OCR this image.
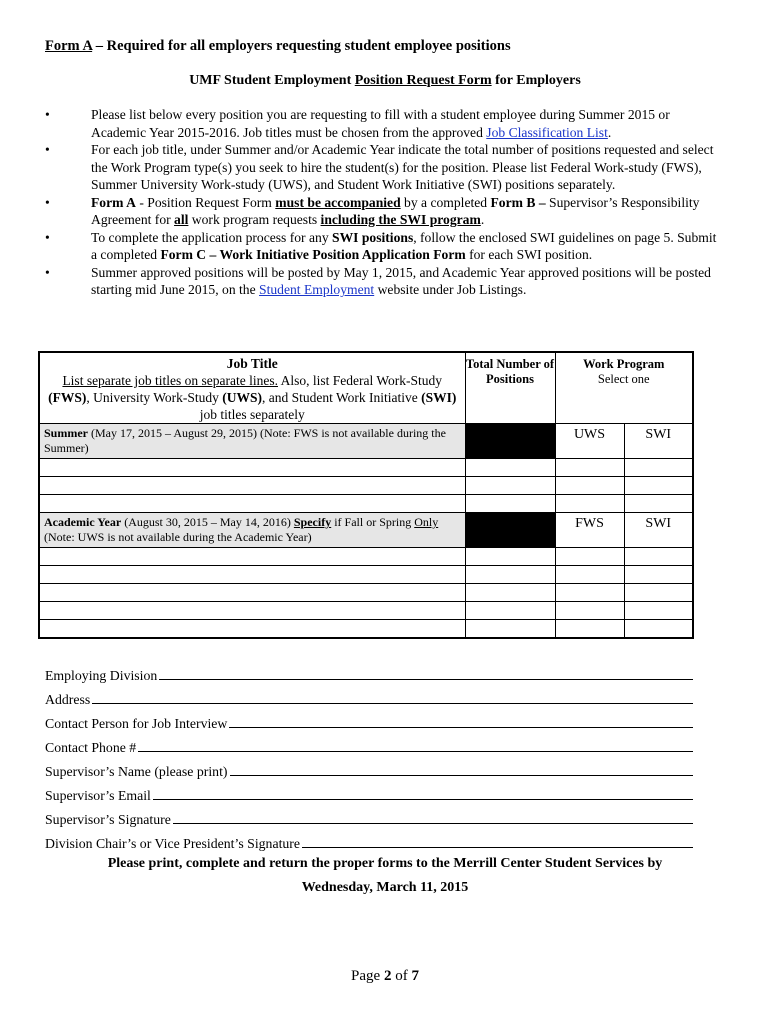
Form A – Required for all employers requesting student employee positions
UMF Student Employment Position Request Form for Employers
• Please list below every position you are requesting to fill with a student employee during Summer 2015 or Academic Year 2015-2016. Job titles must be chosen from the approved Job Classification List.
• For each job title, under Summer and/or Academic Year indicate the total number of positions requested and select the Work Program type(s) you seek to hire the student(s) for the position. Please list Federal Work-study (FWS), Summer University Work-study (UWS), and Student Work Initiative (SWI) positions separately.
• Form A - Position Request Form must be accompanied by a completed Form B – Supervisor’s Responsibility Agreement for all work program requests including the SWI program.
• To complete the application process for any SWI positions, follow the enclosed SWI guidelines on page 5. Submit a completed Form C – Work Initiative Position Application Form for each SWI position.
• Summer approved positions will be posted by May 1, 2015, and Academic Year approved positions will be posted starting mid June 2015, on the Student Employment website under Job Listings.
Job Title
List separate job titles on separate lines. Also, list Federal Work-Study (FWS), University Work-Study (UWS), and Student Work Initiative (SWI) job titles separately	Total Number of Positions	Work Program
Select one	
Summer (May 17, 2015 – August 29, 2015) (Note: FWS is not available during the Summer)		UWS	SWI

Academic Year (August 30, 2015 – May 14, 2016) Specify if Fall or Spring Only (Note: UWS is not available during the Academic Year)		FWS	SWI

Employing Division
Address
Contact Person for Job Interview
Contact Phone #
Supervisor’s Name (please print)
Supervisor’s Email
Supervisor’s Signature
Division Chair’s or Vice President’s Signature
Please print, complete and return the proper forms to the Merrill Center Student Services by
Wednesday, March 11, 2015
Page 2 of 7
